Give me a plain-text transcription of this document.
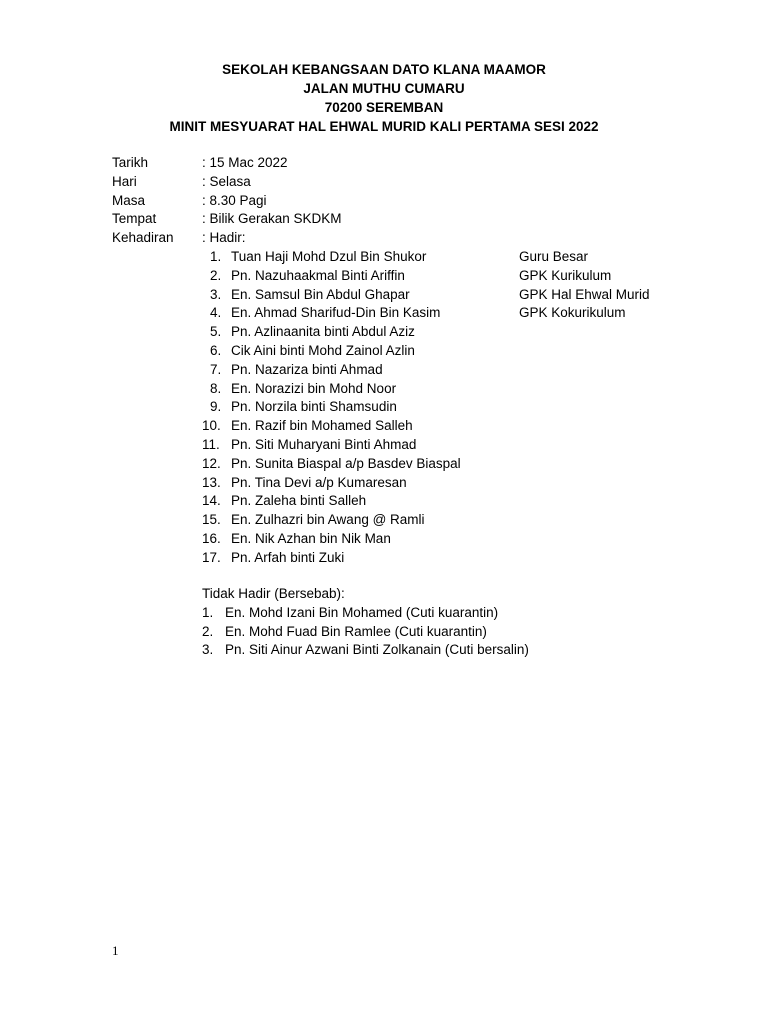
SEKOLAH KEBANGSAAN DATO KLANA MAAMOR
JALAN MUTHU CUMARU
70200 SEREMBAN
MINIT MESYUARAT HAL EHWAL MURID KALI PERTAMA SESI 2022
Tarikh	: 15 Mac 2022
Hari	: Selasa
Masa	: 8.30 Pagi
Tempat	: Bilik Gerakan SKDKM
Kehadiran	: Hadir:
1. Tuan Haji Mohd Dzul Bin Shukor	Guru Besar
2. Pn. Nazuhaakmal Binti Ariffin	GPK Kurikulum
3. En. Samsul Bin Abdul Ghapar	GPK Hal Ehwal Murid
4. En. Ahmad Sharifud-Din Bin Kasim	GPK Kokurikulum
5. Pn. Azlinaanita binti Abdul Aziz
6. Cik Aini binti Mohd Zainol Azlin
7. Pn. Nazariza binti Ahmad
8. En. Norazizi bin Mohd Noor
9. Pn. Norzila binti Shamsudin
10. En. Razif bin Mohamed Salleh
11. Pn. Siti Muharyani Binti Ahmad
12. Pn. Sunita Biaspal a/p Basdev Biaspal
13. Pn. Tina Devi a/p Kumaresan
14. Pn. Zaleha binti Salleh
15. En. Zulhazri bin Awang @ Ramli
16. En. Nik Azhan bin Nik Man
17. Pn. Arfah binti Zuki
Tidak Hadir (Bersebab):
1. En. Mohd Izani Bin Mohamed (Cuti kuarantin)
2. En. Mohd Fuad Bin Ramlee (Cuti kuarantin)
3. Pn. Siti Ainur Azwani Binti Zolkanain (Cuti bersalin)
1
